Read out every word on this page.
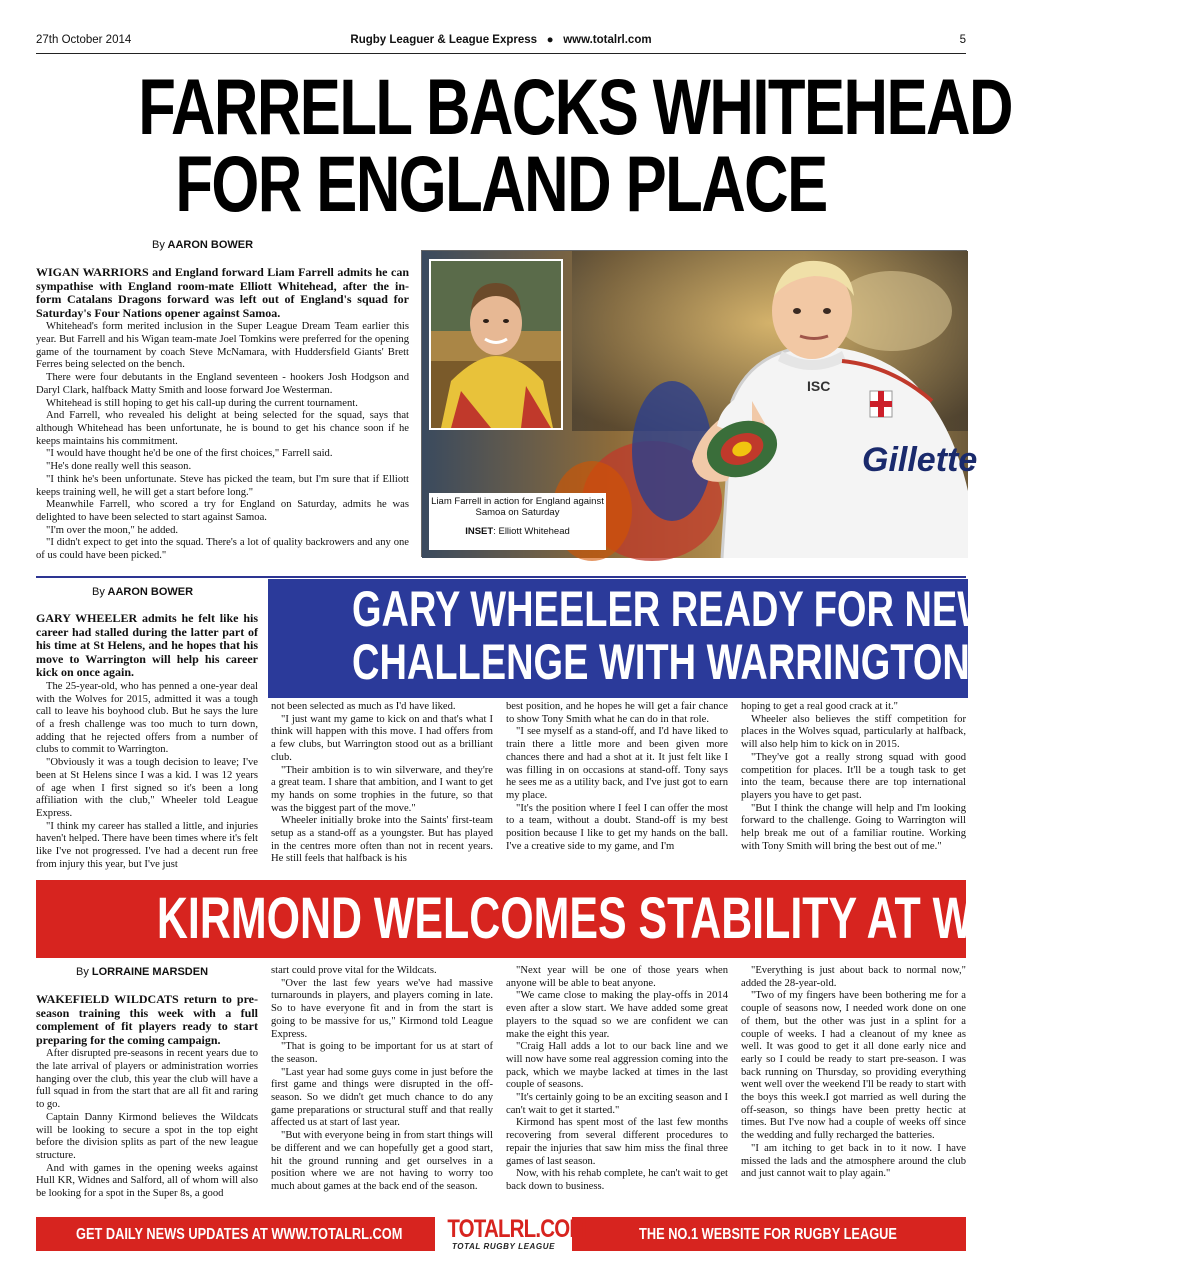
27th October 2014	Rugby Leaguer & League Express ● www.totalrl.com	5
FARRELL BACKS WHITEHEAD
FOR ENGLAND PLACE
By AARON BOWER

WIGAN WARRIORS and England forward Liam Farrell admits he can sympathise with England room-mate Elliott Whitehead, after the in-form Catalans Dragons forward was left out of England's squad for Saturday's Four Nations opener against Samoa.

Whitehead's form merited inclusion in the Super League Dream Team earlier this year. But Farrell and his Wigan team-mate Joel Tomkins were preferred for the opening game of the tournament by coach Steve McNamara, with Huddersfield Giants' Brett Ferres being selected on the bench.

There were four debutants in the England seventeen - hookers Josh Hodgson and Daryl Clark, halfback Matty Smith and loose forward Joe Westerman.

Whitehead is still hoping to get his call-up during the current tournament.

And Farrell, who revealed his delight at being selected for the squad, says that although Whitehead has been unfortunate, he is bound to get his chance soon if he keeps maintains his commitment.

"I would have thought he'd be one of the first choices," Farrell said.

"He's done really well this season.

"I think he's been unfortunate. Steve has picked the team, but I'm sure that if Elliott keeps training well, he will get a start before long."

Meanwhile Farrell, who scored a try for England on Saturday, admits he was delighted to have been selected to start against Samoa.

"I'm over the moon," he added.

"I didn't expect to get into the squad. There's a lot of quality backrowers and any one of us could have been picked."

Gillette
ISC
Liam Farrell in action for England against Samoa on Saturday
INSET: Elliott Whitehead
GARY WHEELER READY FOR NEW
CHALLENGE WITH WARRINGTON
By AARON BOWER

GARY WHEELER admits he felt like his career had stalled during the latter part of his time at St Helens, and he hopes that his move to Warrington will help his career kick on once again.

The 25-year-old, who has penned a one-year deal with the Wolves for 2015, admitted it was a tough call to leave his boyhood club. But he says the lure of a fresh challenge was too much to turn down, adding that he rejected offers from a number of clubs to commit to Warrington.

"Obviously it was a tough decision to leave; I've been at St Helens since I was a kid. I was 12 years of age when I first signed so it's been a long affiliation with the club," Wheeler told League Express.

"I think my career has stalled a little, and injuries haven't helped. There have been times where it's felt like I've not progressed. I've had a decent run free from injury this year, but I've just

not been selected as much as I'd have liked.

"I just want my game to kick on and that's what I think will happen with this move. I had offers from a few clubs, but Warrington stood out as a brilliant club.

"Their ambition is to win silverware, and they're a great team. I share that ambition, and I want to get my hands on some trophies in the future, so that was the biggest part of the move."

Wheeler initially broke into the Saints' first-team setup as a stand-off as a youngster. But has played in the centres more often than not in recent years. He still feels that halfback is his

best position, and he hopes he will get a fair chance to show Tony Smith what he can do in that role.

"I see myself as a stand-off, and I'd have liked to train there a little more and been given more chances there and had a shot at it. It just felt like I was filling in on occasions at stand-off. Tony says he sees me as a utility back, and I've just got to earn my place.

"It's the position where I feel I can offer the most to a team, without a doubt. Stand-off is my best position because I like to get my hands on the ball. I've a creative side to my game, and I'm

hoping to get a real good crack at it."

Wheeler also believes the stiff competition for places in the Wolves squad, particularly at halfback, will also help him to kick on in 2015.

"They've got a really strong squad with good competition for places. It'll be a tough task to get into the team, because there are top international players you have to get past.

"But I think the change will help and I'm looking forward to the challenge. Going to Warrington will help break me out of a familiar routine. Working with Tony Smith will bring the best out of me."

KIRMOND WELCOMES STABILITY AT WAKEFIELD
By LORRAINE MARSDEN

WAKEFIELD WILDCATS return to pre-season training this week with a full complement of fit players ready to start preparing for the coming campaign.

After disrupted pre-seasons in recent years due to the late arrival of players or administration worries hanging over the club, this year the club will have a full squad in from the start that are all fit and raring to go.

Captain Danny Kirmond believes the Wildcats will be looking to secure a spot in the top eight before the division splits as part of the new league structure.

And with games in the opening weeks against Hull KR, Widnes and Salford, all of whom will also be looking for a spot in the Super 8s, a good

start could prove vital for the Wildcats.

"Over the last few years we've had massive turnarounds in players, and players coming in late. So to have everyone fit and in from the start is going to be massive for us," Kirmond told League Express.

"That is going to be important for us at start of the season.

"Last year had some guys come in just before the first game and things were disrupted in the off-season. So we didn't get much chance to do any game preparations or structural stuff and that really affected us at start of last year.

"But with everyone being in from start things will be different and we can hopefully get a good start, hit the ground running and get ourselves in a position where we are not having to worry too much about games at the back end of the season.

"Next year will be one of those years when anyone will be able to beat anyone.

"We came close to making the play-offs in 2014 even after a slow start. We have added some great players to the squad so we are confident we can make the eight this year.

"Craig Hall adds a lot to our back line and we will now have some real aggression coming into the pack, which we maybe lacked at times in the last couple of seasons.

"It's certainly going to be an exciting season and I can't wait to get it started."

Kirmond has spent most of the last few months recovering from several different procedures to repair the injuries that saw him miss the final three games of last season.

Now, with his rehab complete, he can't wait to get back down to business.

"Everything is just about back to normal now," added the 28-year-old.

"Two of my fingers have been bothering me for a couple of seasons now, I needed work done on one of them, but the other was just in a splint for a couple of weeks. I had a cleanout of my knee as well. It was good to get it all done early nice and early so I could be ready to start pre-season. I was back running on Thursday, so providing everything went well over the weekend I'll be ready to start with the boys this week.I got married as well during the off-season, so things have been pretty hectic at times. But I've now had a couple of weeks off since the wedding and fully recharged the batteries.

"I am itching to get back in to it now. I have missed the lads and the atmosphere around the club and just cannot wait to play again."

GET DAILY NEWS UPDATES AT WWW.TOTALRL.COM TOTALRL.COM
TOTAL RUGBY LEAGUE
THE NO.1 WEBSITE FOR RUGBY LEAGUE
